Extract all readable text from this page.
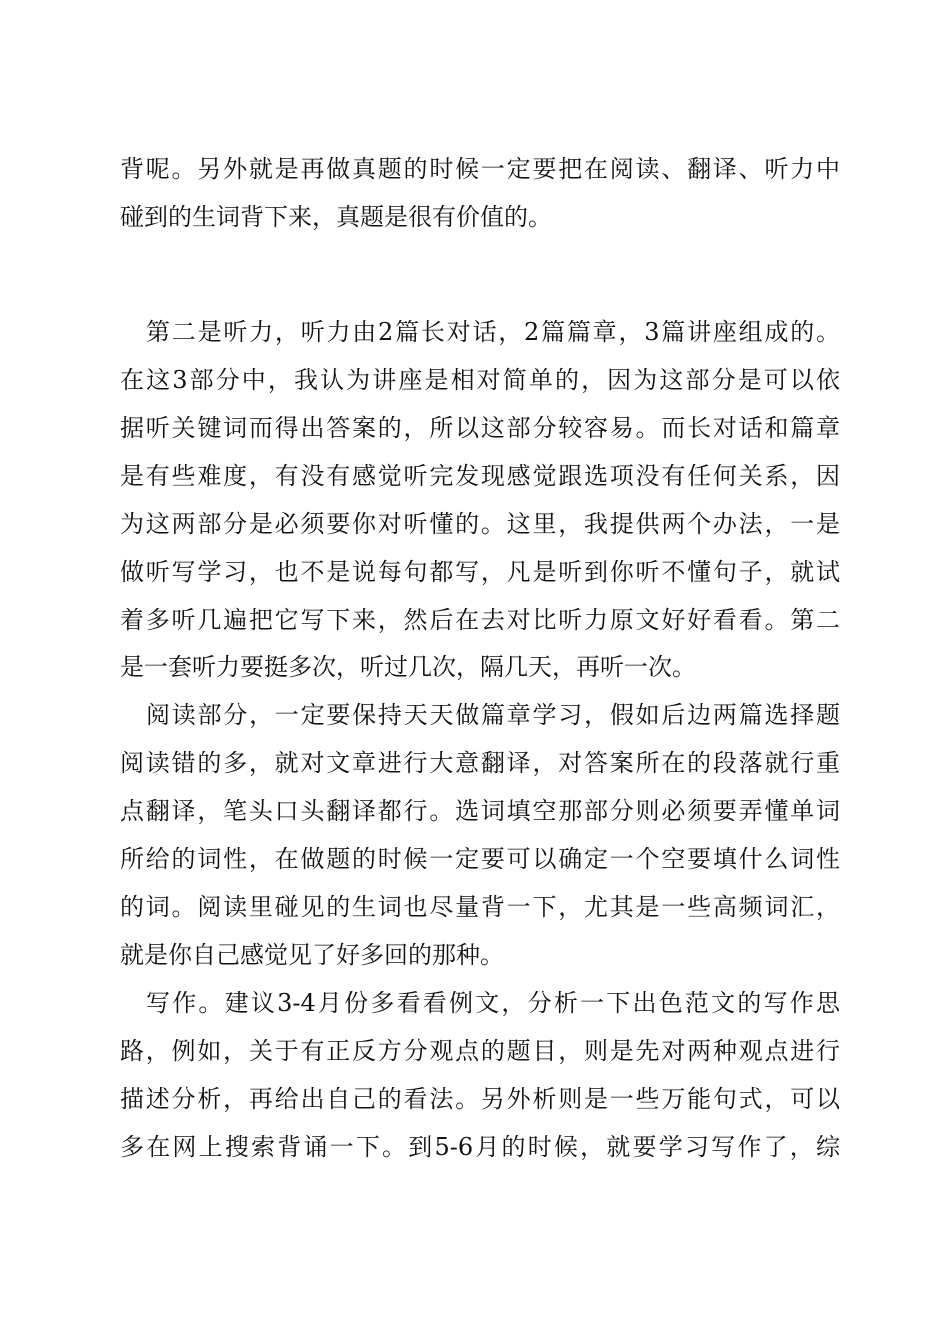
背呢。另外就是再做真题的时候一定要把在阅读、翻译、听力中

碰到的生词背下来，真题是很有价值的。

第二是听力，听力由2篇长对话，2篇篇章，3篇讲座组成的。

在这3部分中，我认为讲座是相对简单的，因为这部分是可以依

据听关键词而得出答案的，所以这部分较容易。而长对话和篇章

是有些难度，有没有感觉听完发现感觉跟选项没有任何关系，因

为这两部分是必须要你对听懂的。这里，我提供两个办法，一是

做听写学习，也不是说每句都写，凡是听到你听不懂句子，就试

着多听几遍把它写下来，然后在去对比听力原文好好看看。第二

是一套听力要挺多次，听过几次，隔几天，再听一次。

阅读部分，一定要保持天天做篇章学习，假如后边两篇选择题

阅读错的多，就对文章进行大意翻译，对答案所在的段落就行重

点翻译，笔头口头翻译都行。选词填空那部分则必须要弄懂单词

所给的词性，在做题的时候一定要可以确定一个空要填什么词性

的词。阅读里碰见的生词也尽量背一下，尤其是一些高频词汇，

就是你自己感觉见了好多回的那种。

写作。建议3-4月份多看看例文，分析一下出色范文的写作思

路，例如，关于有正反方分观点的题目，则是先对两种观点进行

描述分析，再给出自己的看法。另外析则是一些万能句式，可以

多在网上搜索背诵一下。到5-6月的时候，就要学习写作了，综
